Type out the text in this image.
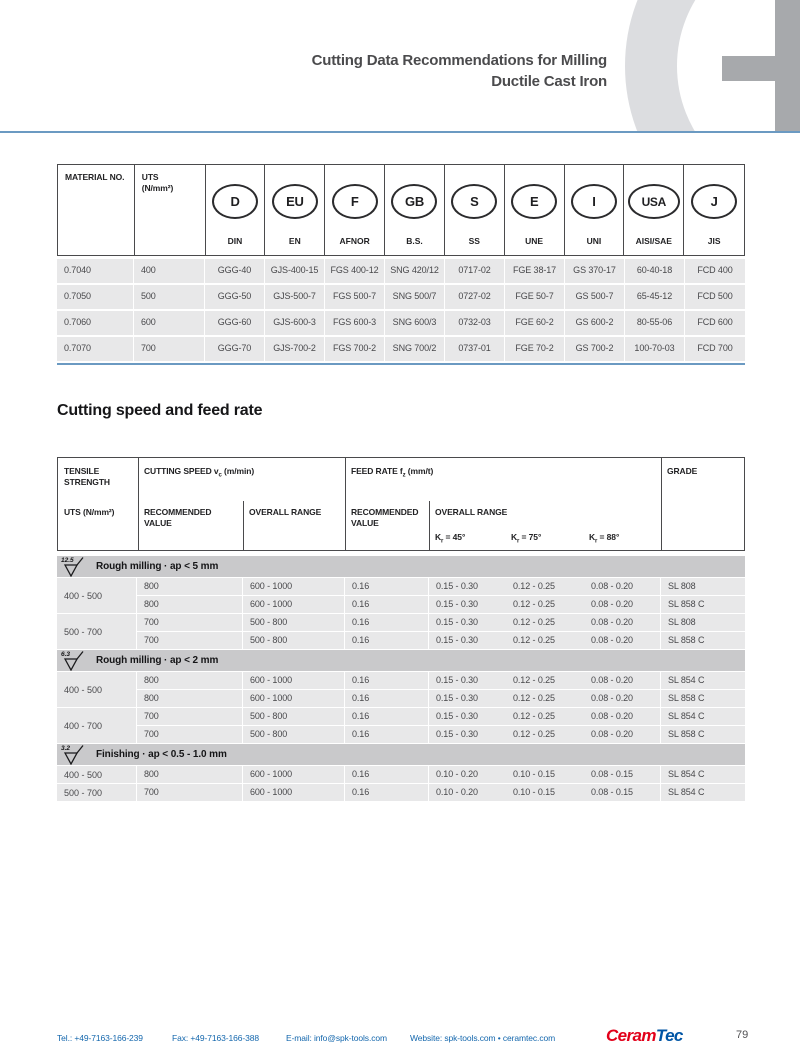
Cutting Data Recommendations for Milling
Ductile Cast Iron
MATERIAL NO.	UTS
(N/mm²)
D
DIN
EU
EN
F
AFNOR
GB
B.S.
S
SS
E
UNE
I
UNI
USA
AISI/SAE
J
JIS
0.7040	400	GGG-40	GJS-400-15	FGS 400-12	SNG 420/12	0717-02	FGE 38-17	GS 370-17	60-40-18	FCD 400
0.7050	500	GGG-50	GJS-500-7	FGS 500-7	SNG 500/7	0727-02	FGE 50-7	GS 500-7	65-45-12	FCD 500
0.7060	600	GGG-60	GJS-600-3	FGS 600-3	SNG 600/3	0732-03	FGE 60-2	GS 600-2	80-55-06	FCD 600
0.7070	700	GGG-70	GJS-700-2	FGS 700-2	SNG 700/2	0737-01	FGE 70-2	GS 700-2	100-70-03	FCD 700
Cutting speed and feed rate
TENSILE STRENGTH
UTS (N/mm²)
CUTTING SPEED $v_c$ (m/min)
RECOMMENDED VALUE
OVERALL RANGE
FEED RATE $f_z$ (mm/t)
RECOMMENDED VALUE
OVERALL RANGE
$K_r = 45^\circ$	$K_r = 75^\circ$	$K_r = 88^\circ$
GRADE
12.5
Rough milling · ap < 5 mm
400 - 500
800	600 - 1000	0.16	0.15 - 0.30	0.12 - 0.25	0.08 - 0.20	SL 808
800	600 - 1000	0.16	0.15 - 0.30	0.12 - 0.25	0.08 - 0.20	SL 858 C
500 - 700
700	500 - 800	0.16	0.15 - 0.30	0.12 - 0.25	0.08 - 0.20	SL 808
700	500 - 800	0.16	0.15 - 0.30	0.12 - 0.25	0.08 - 0.20	SL 858 C
6.3
Rough milling · ap < 2 mm
400 - 500
800	600 - 1000	0.16	0.15 - 0.30	0.12 - 0.25	0.08 - 0.20	SL 854 C
800	600 - 1000	0.16	0.15 - 0.30	0.12 - 0.25	0.08 - 0.20	SL 858 C
400 - 700
700	500 - 800	0.16	0.15 - 0.30	0.12 - 0.25	0.08 - 0.20	SL 854 C
700	500 - 800	0.16	0.15 - 0.30	0.12 - 0.25	0.08 - 0.20	SL 858 C
3.2
Finishing · ap < 0.5 - 1.0 mm
400 - 500	800	600 - 1000	0.16	0.10 - 0.20	0.10 - 0.15	0.08 - 0.15	SL 854 C
500 - 700	700	600 - 1000	0.16	0.10 - 0.20	0.10 - 0.15	0.08 - 0.15	SL 854 C
Tel.: +49-7163-166-239	Fax: +49-7163-166-388	E-mail: info@spk-tools.com	Website: spk-tools.com • ceramtec.com	CeramTec	79
